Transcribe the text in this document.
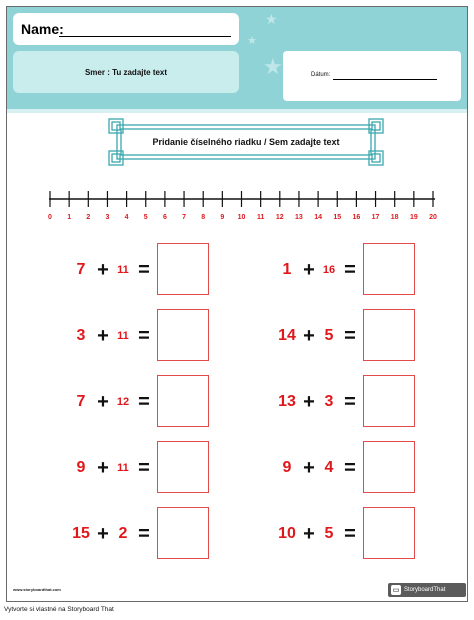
★
★
★
Name:
Smer : Tu zadajte text	Dátum:
Pridanie číselného riadku / Sem zadajte text
0	1	2	3	4	5	6	7	8	9	10	11	12	13	14	15	16	17	18	19	20
7 + 11 =	1 + 16 =
3 + 11 =	14 + 5 =
7 + 12 =	13 + 3 =
9 + 11 =	9 + 4 =
15 + 2 =	10 + 5 =
www.storyboardthat.com	▭ StoryboardThat
Vytvorte si vlastné na Storyboard That
